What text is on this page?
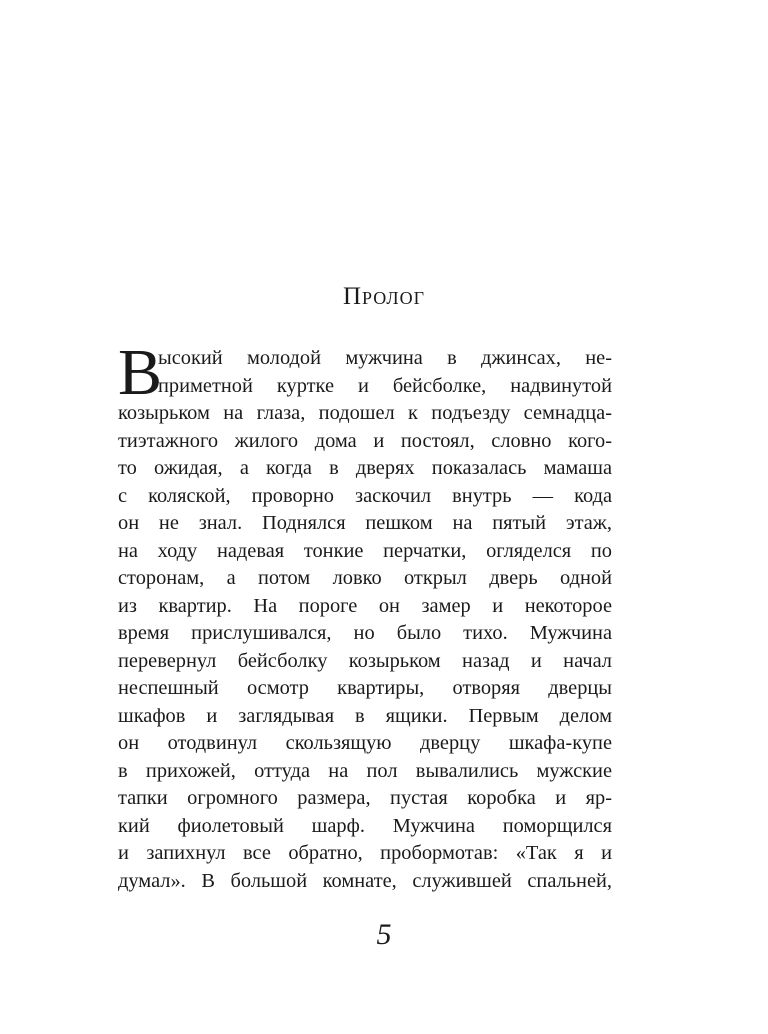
Пролог
В
ысокий молодой мужчина в джинсах, не-
приметной куртке и бейсболке, надвинутой
козырьком на глаза, подошел к подъезду семнадца-
тиэтажного жилого дома и постоял, словно кого-
то ожидая, а когда в дверях показалась мамаша
с коляской, проворно заскочил внутрь — кода
он не знал. Поднялся пешком на пятый этаж,
на ходу надевая тонкие перчатки, огляделся по
сторонам, а потом ловко открыл дверь одной
из квартир. На пороге он замер и некоторое
время прислушивался, но было тихо. Мужчина
перевернул бейсболку козырьком назад и начал
неспешный осмотр квартиры, отворяя дверцы
шкафов и заглядывая в ящики. Первым делом
он отодвинул скользящую дверцу шкафа-купе
в прихожей, оттуда на пол вывалились мужские
тапки огромного размера, пустая коробка и яр-
кий фиолетовый шарф. Мужчина поморщился
и запихнул все обратно, пробормотав: «Так я и
думал». В большой комнате, служившей спальней,
5
